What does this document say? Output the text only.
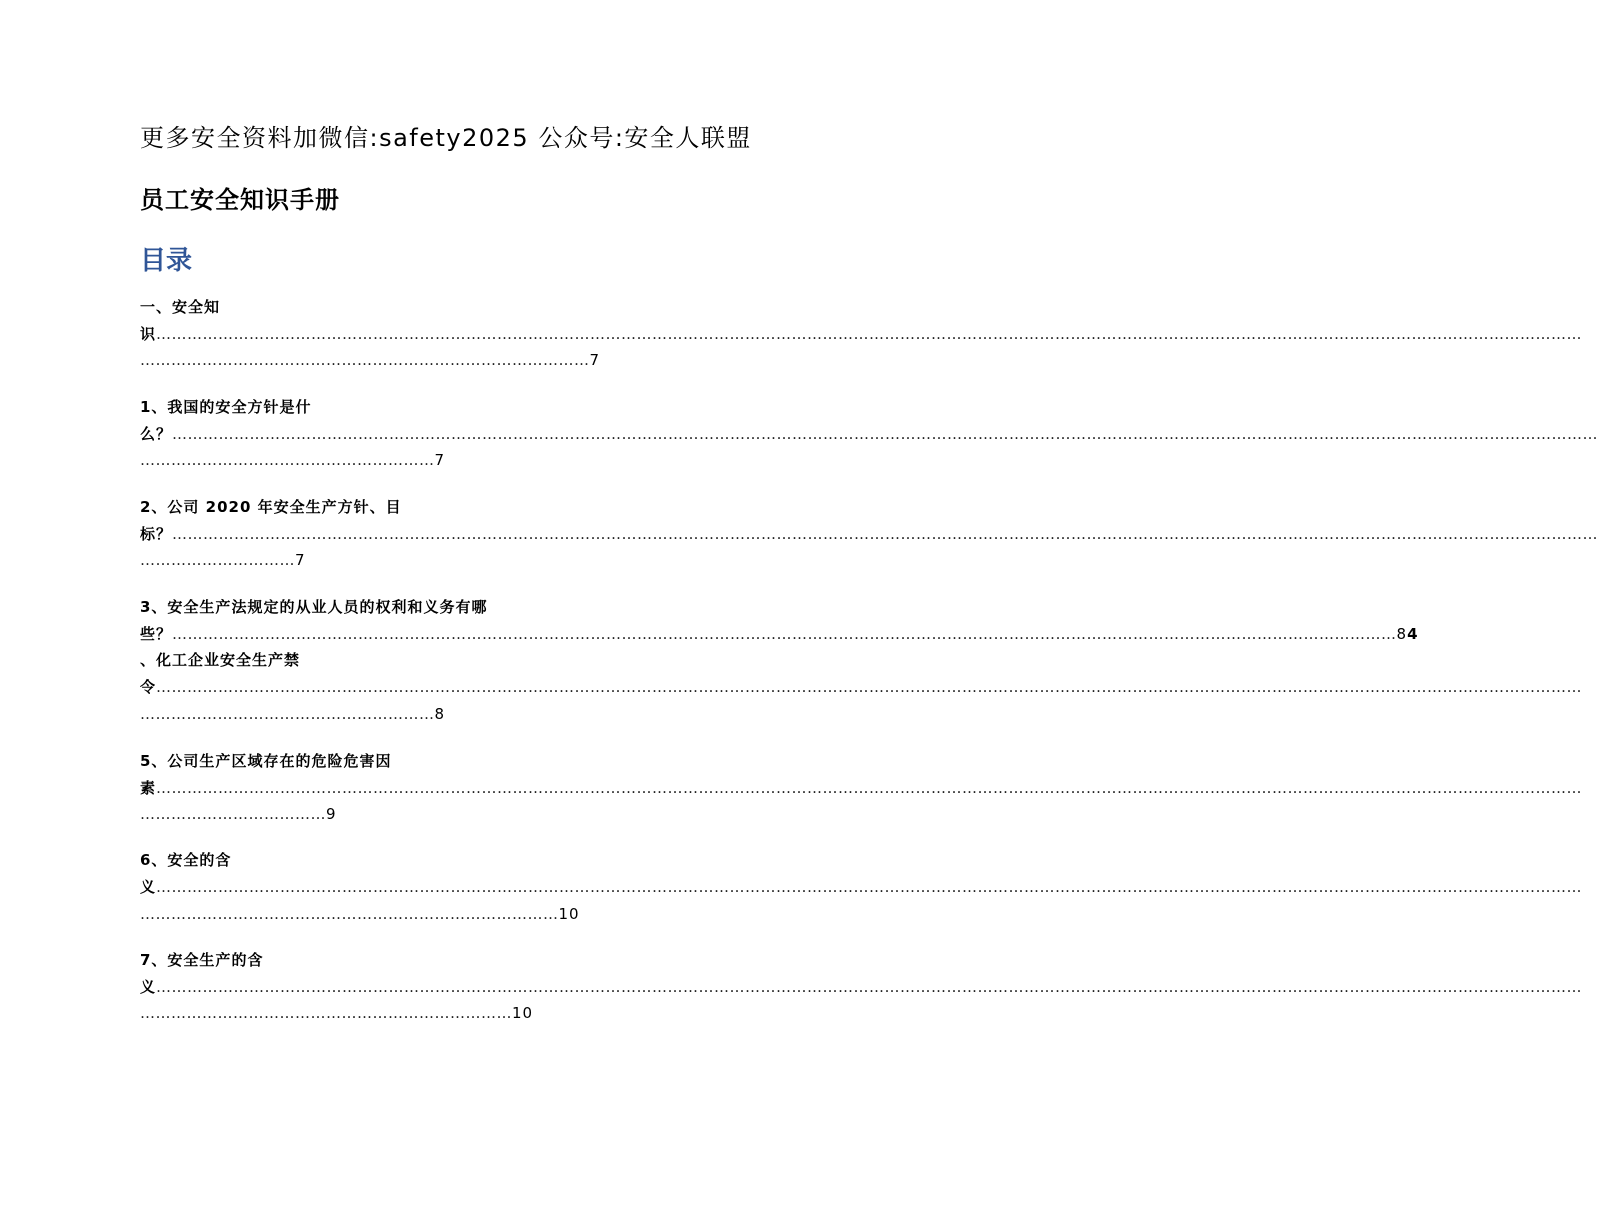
更多安全资料加微信:safety2025 公众号:安全人联盟
员工安全知识手册
目录
一、安全知
识……………………………………………………………………………………………………………………………………………………………………………………………………………………………………………………
……………………………………………………………………………7
1、我国的安全方针是什
么？……………………………………………………………………………………………………………………………………………………………………………………………………………………………………………………
…………………………………………………7
2、公司 2020 年安全生产方针、目
标？……………………………………………………………………………………………………………………………………………………………………………………………………………………………………………………
…………………………7
3、安全生产法规定的从业人员的权利和义务有哪
些？…………………………………………………………………………………………………………………………………………………………………………………………………………………84
、化工企业安全生产禁
令……………………………………………………………………………………………………………………………………………………………………………………………………………………………………………………
…………………………………………………8
5、公司生产区域存在的危险危害因
素……………………………………………………………………………………………………………………………………………………………………………………………………………………………………………………
………………………………9
6、安全的含
义……………………………………………………………………………………………………………………………………………………………………………………………………………………………………………………
………………………………………………………………………10
7、安全生产的含
义……………………………………………………………………………………………………………………………………………………………………………………………………………………………………………………
………………………………………………………………10
